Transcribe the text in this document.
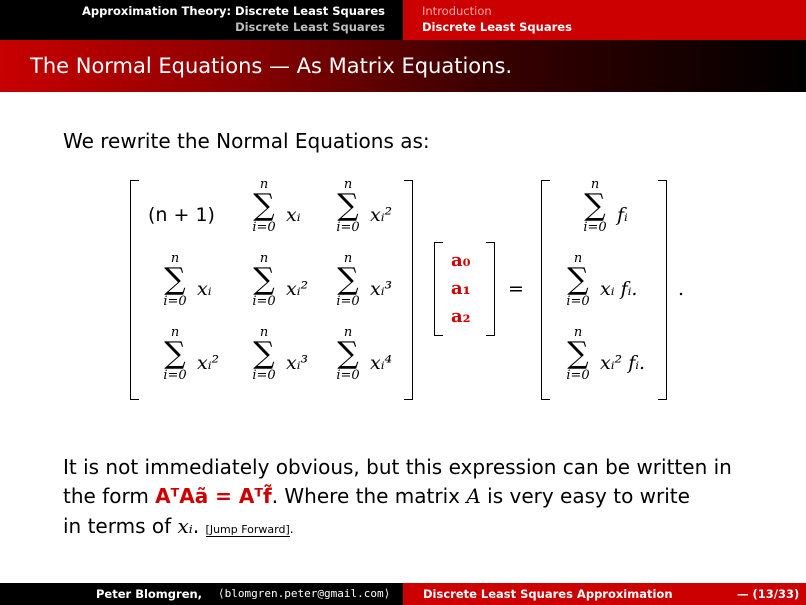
Approximation Theory: Discrete Least Squares
Discrete Least Squares
Introduction
Discrete Least Squares
The Normal Equations — As Matrix Equations.
We rewrite the Normal Equations as:
(n + 1)
n
∑
i=0
xᵢ
n
∑
i=0
xᵢ²
n
∑
i=0
xᵢ
n
∑
i=0
xᵢ²
n
∑
i=0
xᵢ³
n
∑
i=0
xᵢ²
n
∑
i=0
xᵢ³
n
∑
i=0
xᵢ⁴
a₀
a₁
a₂
=
n
∑
i=0
fᵢ
n
∑
i=0
xᵢ fᵢ.
n
∑
i=0
xᵢ² fᵢ.
.
It is not immediately obvious, but this expression can be written in
the form AᵀAã = Aᵀf̃. Where the matrix A is very easy to write
in terms of xᵢ. [Jump Forward].
Peter Blomgren, ⟨blomgren.peter@gmail.com⟩	Discrete Least Squares Approximation	— (13/33)
